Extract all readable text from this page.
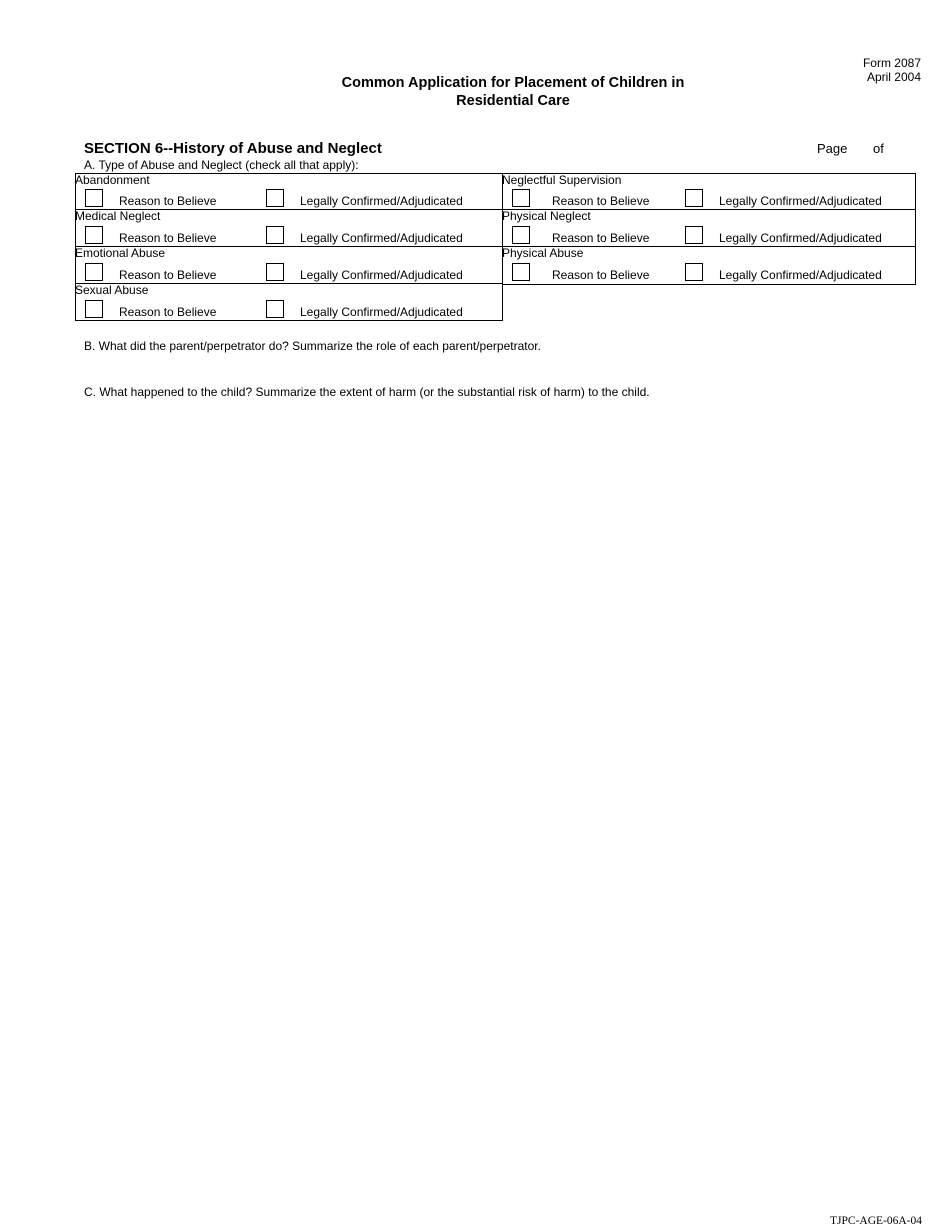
Form 2087
April 2004
Common Application for Placement of Children in
Residential Care
SECTION 6--History of Abuse and Neglect	Page of
A. Type of Abuse and Neglect (check all that apply):
Abandonment
Reason to Believe	Legally Confirmed/Adjudicated
Medical Neglect
Reason to Believe	Legally Confirmed/Adjudicated
Emotional Abuse
Reason to Believe	Legally Confirmed/Adjudicated
Sexual Abuse
Reason to Believe	Legally Confirmed/Adjudicated
Neglectful Supervision
Reason to Believe	Legally Confirmed/Adjudicated
Physical Neglect
Reason to Believe	Legally Confirmed/Adjudicated
Physical Abuse
Reason to Believe	Legally Confirmed/Adjudicated
B. What did the parent/perpetrator do? Summarize the role of each parent/perpetrator.
C. What happened to the child? Summarize the extent of harm (or the substantial risk of harm) to the child.
TJPC-AGE-06A-04
